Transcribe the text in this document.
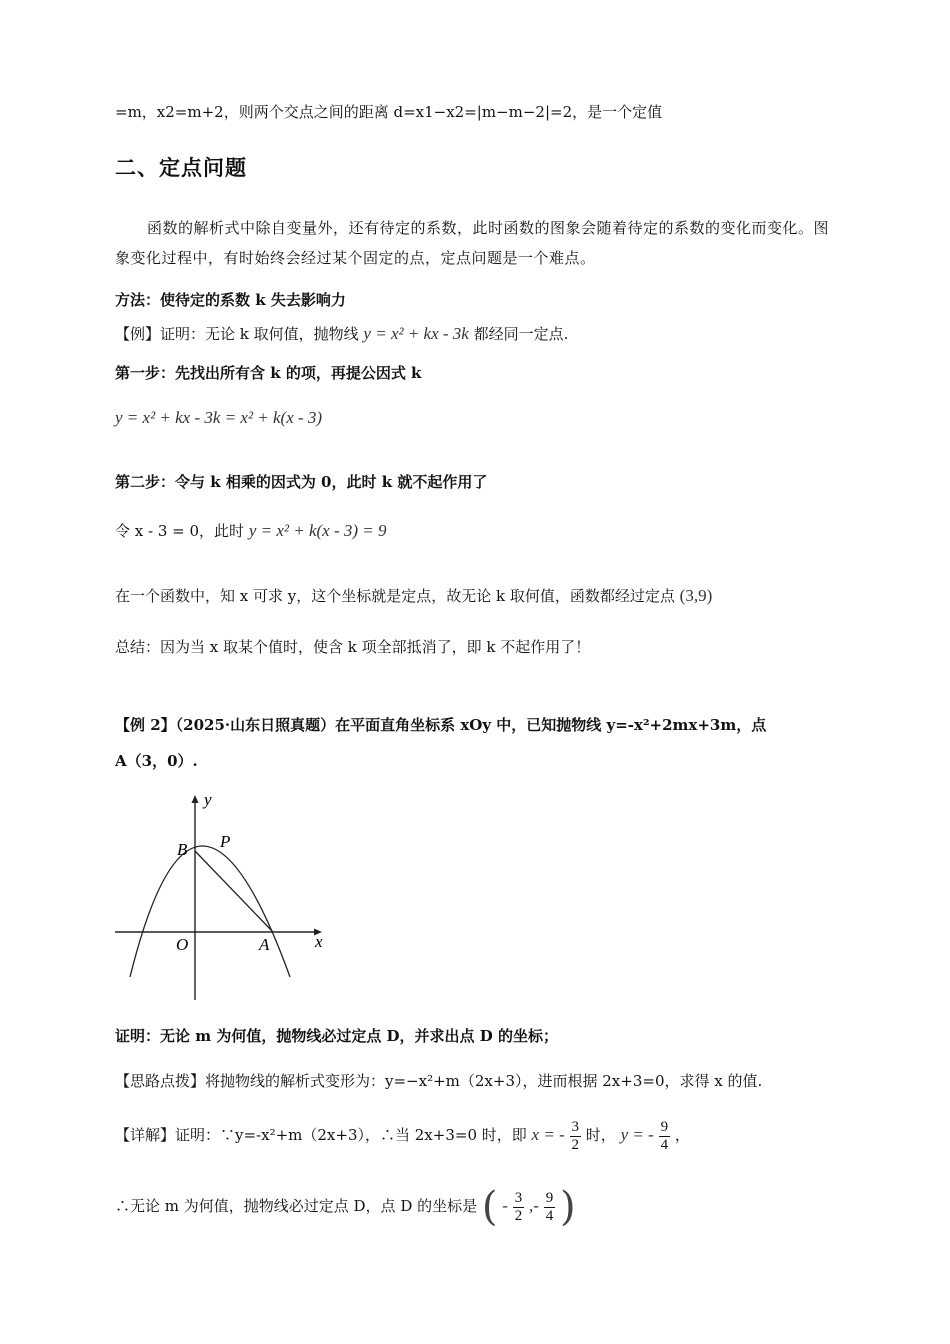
=m，x2=m+2，则两个交点之间的距离 d=x1−x2=|m−m−2|=2，是一个定值
二、定点问题
函数的解析式中除自变量外，还有待定的系数，此时函数的图象会随着待定的系数的变化而变化。图象变化过程中，有时始终会经过某个固定的点，定点问题是一个难点。
方法：使待定的系数 k 失去影响力
【例】证明：无论 k 取何值，抛物线 y = x² + kx - 3k 都经同一定点.
第一步：先找出所有含 k 的项，再提公因式 k
y = x² + kx - 3k = x² + k(x - 3)
第二步：令与 k 相乘的因式为 0，此时 k 就不起作用了
令 x - 3 = 0，此时 y = x² + k(x - 3) = 9
在一个函数中，知 x 可求 y，这个坐标就是定点，故无论 k 取何值，函数都经过定点 (3,9)
总结：因为当 x 取某个值时，使含 k 项全部抵消了，即 k 不起作用了！
【例 2】（2025·山东日照真题）在平面直角坐标系 xOy 中，已知抛物线 y=-x²+2mx+3m，点
A（3，0）.
y
x
O	A
B P
证明：无论 m 为何值，抛物线必过定点 D，并求出点 D 的坐标；
【思路点拨】将抛物线的解析式变形为：y=−x²+m（2x+3），进而根据 2x+3=0，求得 x 的值.
【详解】证明：∵y=-x²+m（2x+3），∴当 2x+3=0 时，即 x = - $\frac{3}{2}$ 时， y = - $\frac{9}{4}$ ，
∴无论 m 为何值，抛物线必过定点 D，点 D 的坐标是 ( - $\frac{3}{2}$ ,- $\frac{9}{4}$ )
